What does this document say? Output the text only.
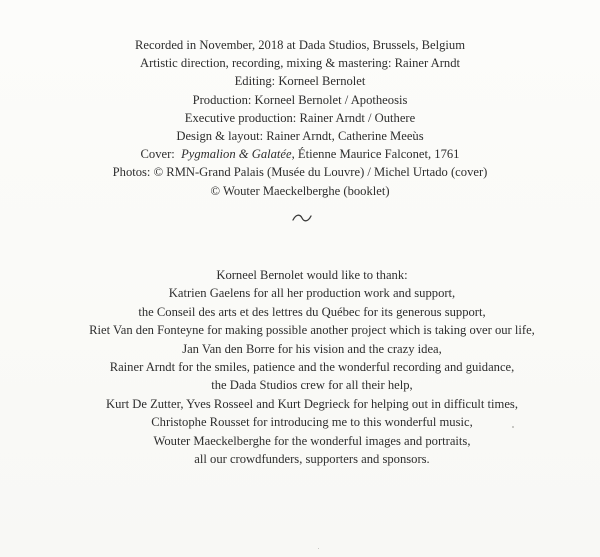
Recorded in November, 2018 at Dada Studios, Brussels, Belgium
Artistic direction, recording, mixing & mastering: Rainer Arndt
Editing: Korneel Bernolet
Production: Korneel Bernolet / Apotheosis
Executive production: Rainer Arndt / Outhere
Design & layout: Rainer Arndt, Catherine Meeùs
Cover: Pygmalion & Galatée, Étienne Maurice Falconet, 1761
Photos: © RMN-Grand Palais (Musée du Louvre) / Michel Urtado (cover)
© Wouter Maeckelberghe (booklet)
Korneel Bernolet would like to thank:
Katrien Gaelens for all her production work and support,
the Conseil des arts et des lettres du Québec for its generous support,
Riet Van den Fonteyne for making possible another project which is taking over our life,
Jan Van den Borre for his vision and the crazy idea,
Rainer Arndt for the smiles, patience and the wonderful recording and guidance,
the Dada Studios crew for all their help,
Kurt De Zutter, Yves Rosseel and Kurt Degrieck for helping out in difficult times,
Christophe Rousset for introducing me to this wonderful music,
Wouter Maeckelberghe for the wonderful images and portraits,
all our crowdfunders, supporters and sponsors.
